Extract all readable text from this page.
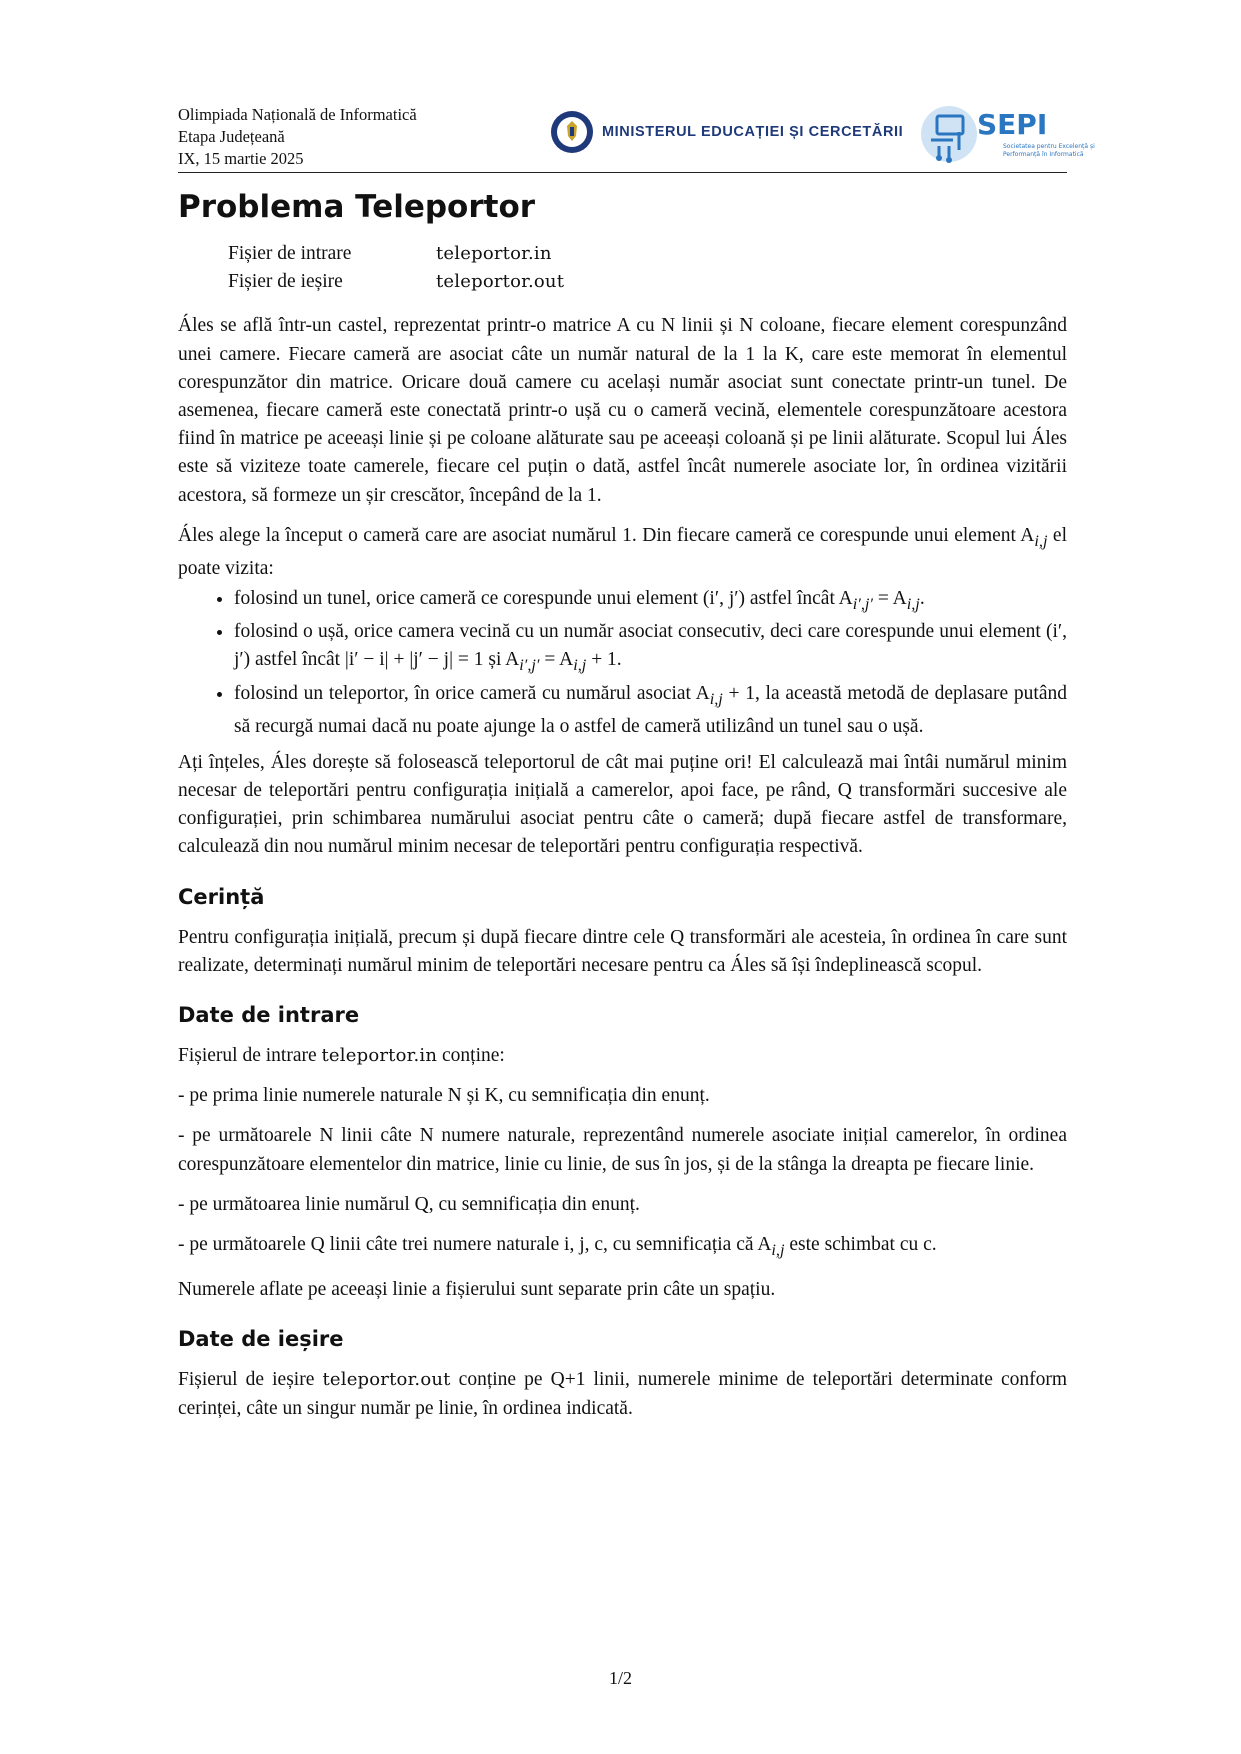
Olimpiada Națională de Informatică
Etapa Județeană
IX, 15 martie 2025
MINISTERUL EDUCAȚIEI ȘI CERCETĂRII	SEPI
Societatea pentru Excelență și
Performanță în Informatică
Problema Teleportor
Fișier de intrare	teleportor.in
Fișier de ieșire	teleportor.out

Áles se află într-un castel, reprezentat printr-o matrice A cu N linii și N coloane, fiecare element corespunzând unei camere. Fiecare cameră are asociat câte un număr natural de la 1 la K, care este memorat în elementul corespunzător din matrice. Oricare două camere cu același număr asociat sunt conectate printr-un tunel. De asemenea, fiecare cameră este conectată printr-o ușă cu o cameră vecină, elementele corespunzătoare acestora fiind în matrice pe aceeași linie și pe coloane alăturate sau pe aceeași coloană și pe linii alăturate. Scopul lui Áles este să viziteze toate camerele, fiecare cel puțin o dată, astfel încât numerele asociate lor, în ordinea vizitării acestora, să formeze un șir crescător, începând de la 1.

Áles alege la început o cameră care are asociat numărul 1. Din fiecare cameră ce corespunde unui element $A_{i,j}$ el poate vizita:

• folosind un tunel, orice cameră ce corespunde unui element (i′, j′) astfel încât $A_{i',j'} = A_{i,j}$.
• folosind o ușă, orice camera vecină cu un număr asociat consecutiv, deci care corespunde unui element (i′, j′) astfel încât |i′ − i| + |j′ − j| = 1 și $A_{i',j'} = A_{i,j} + 1$.
• folosind un teleportor, în orice cameră cu numărul asociat $A_{i,j} + 1$, la această metodă de deplasare putând să recurgă numai dacă nu poate ajunge la o astfel de cameră utilizând un tunel sau o ușă.

Ați înțeles, Áles dorește să folosească teleportorul de cât mai puține ori! El calculează mai întâi numărul minim necesar de teleportări pentru configurația inițială a camerelor, apoi face, pe rând, Q transformări succesive ale configurației, prin schimbarea numărului asociat pentru câte o cameră; după fiecare astfel de transformare, calculează din nou numărul minim necesar de teleportări pentru configurația respectivă.

Cerință

Pentru configurația inițială, precum și după fiecare dintre cele Q transformări ale acesteia, în ordinea în care sunt realizate, determinați numărul minim de teleportări necesare pentru ca Áles să își îndeplinească scopul.

Date de intrare

Fișierul de intrare teleportor.in conține:

- pe prima linie numerele naturale N și K, cu semnificația din enunț.

- pe următoarele N linii câte N numere naturale, reprezentând numerele asociate inițial camerelor, în ordinea corespunzătoare elementelor din matrice, linie cu linie, de sus în jos, și de la stânga la dreapta pe fiecare linie.

- pe următoarea linie numărul Q, cu semnificația din enunț.

- pe următoarele Q linii câte trei numere naturale i, j, c, cu semnificația că $A_{i,j}$ este schimbat cu c.

Numerele aflate pe aceeași linie a fișierului sunt separate prin câte un spațiu.

Date de ieșire

Fișierul de ieșire teleportor.out conține pe Q+1 linii, numerele minime de teleportări determinate conform cerinței, câte un singur număr pe linie, în ordinea indicată.

1/2
